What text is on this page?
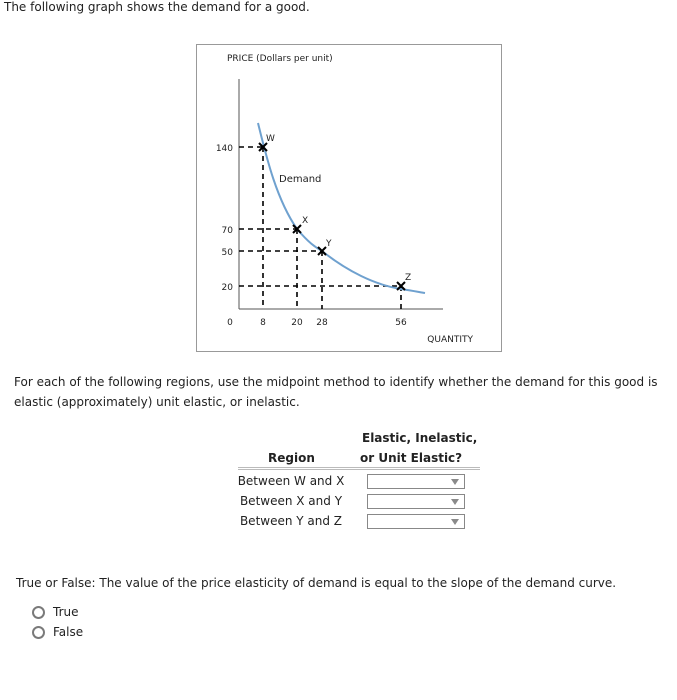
The following graph shows the demand for a good.
PRICE (Dollars per unit)
W
X
Y
Z
Demand
140
70
50
20
0	8	20 28	56
QUANTITY
For each of the following regions, use the midpoint method to identify whether the demand for this good is elastic (approximately) unit elastic, or inelastic.
Elastic, Inelastic,
or Unit Elastic?
Region
Between W and X
Between X and Y
Between Y and Z
True or False: The value of the price elasticity of demand is equal to the slope of the demand curve.
True
False
